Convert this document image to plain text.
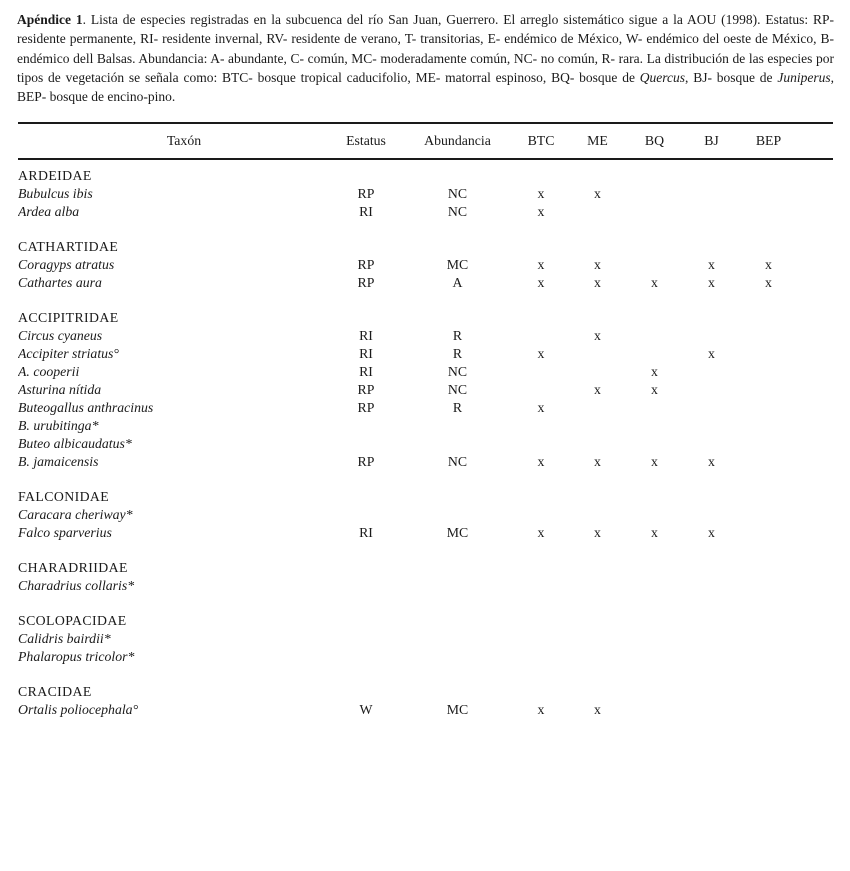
Apéndice 1. Lista de especies registradas en la subcuenca del río San Juan, Guerrero. El arreglo sistemático sigue a la AOU (1998). Estatus: RP- residente permanente, RI- residente invernal, RV- residente de verano, T- transitorias, E- endémico de México, W- endémico del oeste de México, B- endémico dell Balsas. Abundancia: A- abundante, C- común, MC- moderadamente común, NC- no común, R- rara. La distribución de las especies por tipos de vegetación se señala como: BTC- bosque tropical caducifolio, ME- matorral espinoso, BQ- bosque de Quercus, BJ- bosque de Juniperus, BEP- bosque de encino-pino.

Taxón	Estatus	Abundancia	BTC	ME	BQ	BJ	BEP	

ARDEIDAE								
Bubulcus ibis	RP	NC	x	x				
Ardea alba	RI	NC	x					

CATHARTIDAE								
Coragyps atratus	RP	MC	x	x		x	x	
Cathartes aura	RP	A	x	x	x	x	x	

ACCIPITRIDAE								
Circus cyaneus	RI	R		x				
Accipiter striatus°	RI	R	x			x		
A. cooperii	RI	NC			x			
Asturina nítida	RP	NC		x	x			
Buteogallus anthracinus	RP	R	x					
B. urubitinga*								
Buteo albicaudatus*								
B. jamaicensis	RP	NC	x	x	x	x		

FALCONIDAE								
Caracara cheriway*								
Falco sparverius	RI	MC	x	x	x	x		

CHARADRIIDAE								
Charadrius collaris*								

SCOLOPACIDAE								
Calidris bairdii*								
Phalaropus tricolor*								

CRACIDAE								
Ortalis poliocephala°	W	MC	x	x				
